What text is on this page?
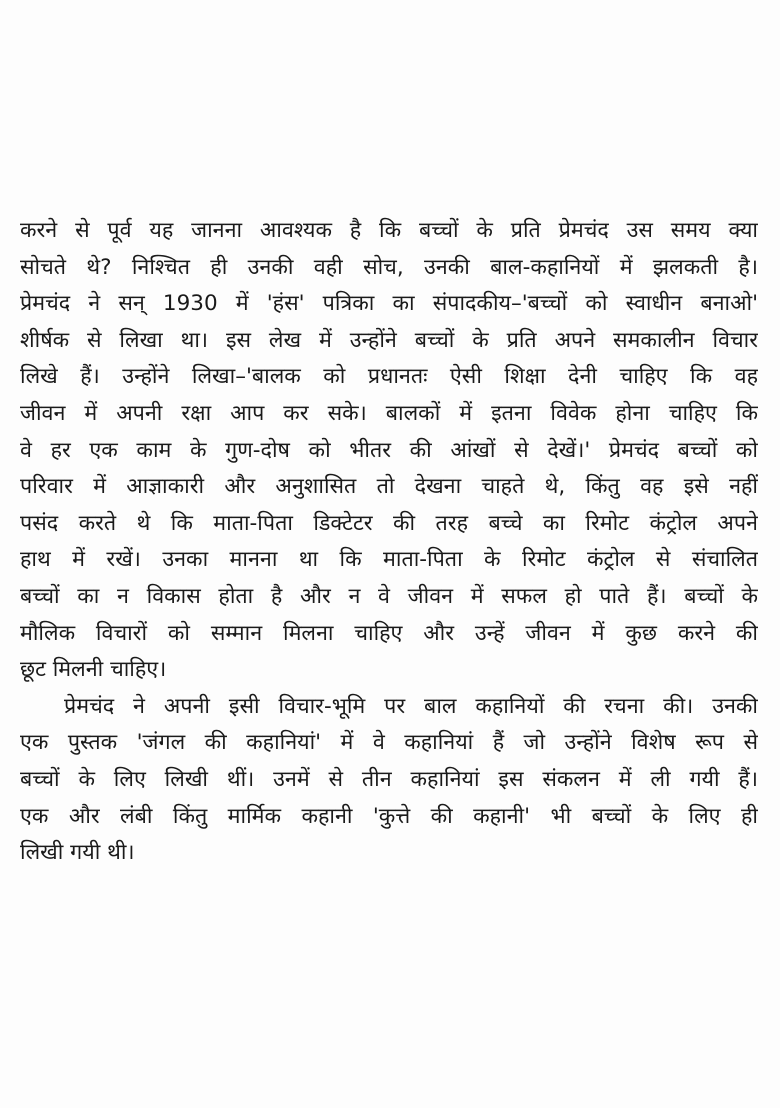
करने से पूर्व यह जानना आवश्यक है कि बच्चों के प्रति प्रेमचंद उस समय क्या
सोचते थे? निश्चित ही उनकी वही सोच, उनकी बाल-कहानियों में झलकती है।
प्रेमचंद ने सन् 1930 में 'हंस' पत्रिका का संपादकीय–'बच्चों को स्वाधीन बनाओ'
शीर्षक से लिखा था। इस लेख में उन्होंने बच्चों के प्रति अपने समकालीन विचार
लिखे हैं। उन्होंने लिखा–'बालक को प्रधानतः ऐसी शिक्षा देनी चाहिए कि वह
जीवन में अपनी रक्षा आप कर सके। बालकों में इतना विवेक होना चाहिए कि
वे हर एक काम के गुण-दोष को भीतर की आंखों से देखें।' प्रेमचंद बच्चों को
परिवार में आज्ञाकारी और अनुशासित तो देखना चाहते थे, किंतु वह इसे नहीं
पसंद करते थे कि माता-पिता डिक्टेटर की तरह बच्चे का रिमोट कंट्रोल अपने
हाथ में रखें। उनका मानना था कि माता-पिता के रिमोट कंट्रोल से संचालित
बच्चों का न विकास होता है और न वे जीवन में सफल हो पाते हैं। बच्चों के
मौलिक विचारों को सम्मान मिलना चाहिए और उन्हें जीवन में कुछ करने की
छूट मिलनी चाहिए।
प्रेमचंद ने अपनी इसी विचार-भूमि पर बाल कहानियों की रचना की। उनकी
एक पुस्तक 'जंगल की कहानियां' में वे कहानियां हैं जो उन्होंने विशेष रूप से
बच्चों के लिए लिखी थीं। उनमें से तीन कहानियां इस संकलन में ली गयी हैं।
एक और लंबी किंतु मार्मिक कहानी 'कुत्ते की कहानी' भी बच्चों के लिए ही
लिखी गयी थी।
